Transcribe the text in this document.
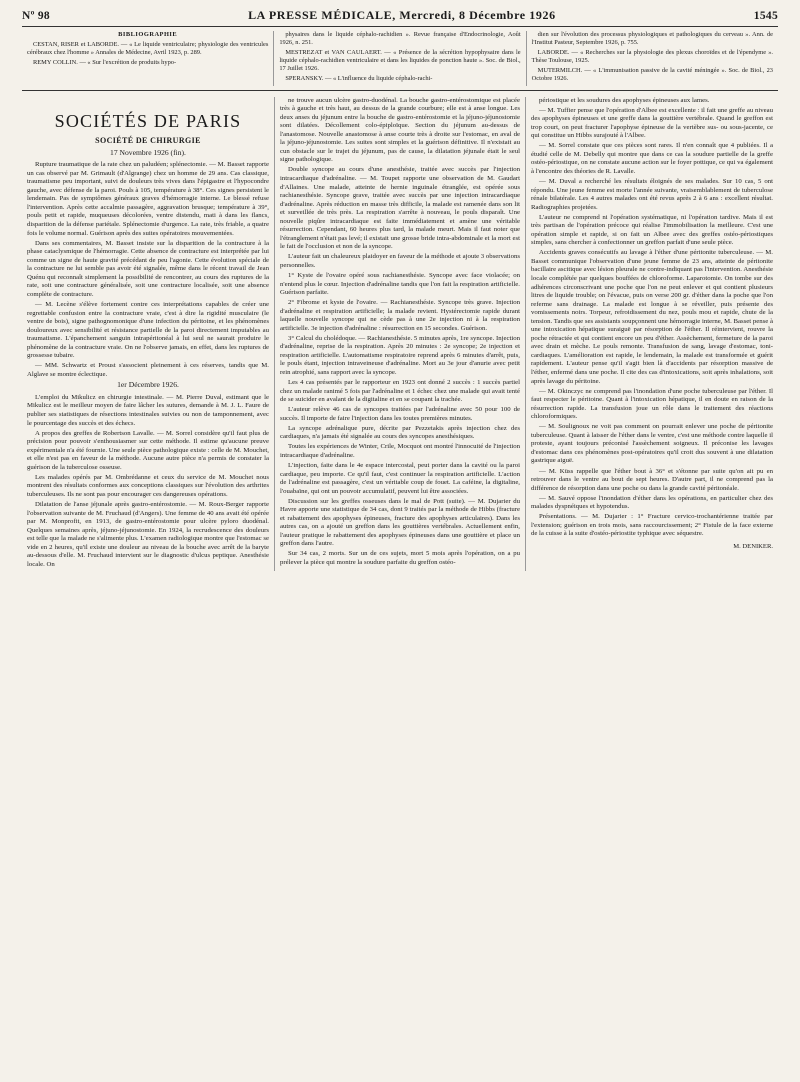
Nº 98	LA PRESSE MÉDICALE, Mercredi, 8 Décembre 1926	1545
BIBLIOGRAPHIE

CESTAN, RISER et LABORDE. — « Le liquide ventriculaire; physiologie des ventricules cérébraux chez l'homme » Annales de Médecine, Avril 1923, p. 289.

REMY COLLIN. — « Sur l'excrétion de produits hypo-

physaires dans le liquide céphalo-rachidien ». Revue française d'Endocrinologie, Août 1926, n. 251.

MESTREZAT et VAN CAULAERT. — « Présence de la sécrétion hypophysaire dans le liquide céphalo-rachidien ventriculaire et dans les liquides de ponction haute ». Soc. de Biol., 17 Juillet 1926.

SPERANSKY. — « L'influence du liquide céphalo-rachi-

dien sur l'évolution des processus physiologiques et pathologiques du cerveau ». Ann. de l'Institut Pasteur, Septembre 1926, p. 755.

LABORDE. — « Recherches sur la physiologie des plexus choroïdes et de l'épendyme ». Thèse Toulouse, 1925.

MUTERMILCH. — « L'immunisation passive de la cavité méningée ». Soc. de Biol., 23 Octobre 1926.

SOCIÉTÉS DE PARIS
SOCIÉTÉ DE CHIRURGIE
17 Novembre 1926 (fin).

Rupture traumatique de la rate chez un paludéen; splénectomie. — M. Basset rapporte un cas observé par M. Grimault (d'Algrange) chez un homme de 29 ans. Cas classique, traumatisme peu important, suivi de douleurs très vives dans l'épigastre et l'hypocondre gauche, avec défense de la paroi. Pouls à 105, température à 38°. Ces signes persistent le lendemain. Pas de symptômes généraux graves d'hémorragie interne. Le blessé refuse l'intervention. Après cette accalmie passagère, aggravation brusque; température à 39°, pouls petit et rapide, muqueuses décolorées, ventre distendu, mati à dans les flancs, disparition de la défense pariétale. Splénectomie d'urgence. La rate, très friable, a quatre fois le volume normal. Guérison après des suites opératoires mouvementées.

Dans ses commentaires, M. Basset insiste sur la disparition de la contracture à la phase cataclysmique de l'hémorragie. Cette absence de contracture est interprétée par lui comme un signe de haute gravité précédant de peu l'agonie. Cette évolution spéciale de la contracture ne lui semble pas avoir été signalée, même dans le récent travail de Jean Quénu qui reconnaît simplement la possibilité de rencontrer, au cours des ruptures de la rate, soit une contracture généralisée, soit une contracture localisée, soit une absence complète de contracture.

— M. Lecène s'élève fortement contre ces interprétations capables de créer une regrettable confusion entre la contracture vraie, c'est à dire la rigidité musculaire (le ventre de bois), signe pathognomonique d'une infection du péritoine, et les phénomènes douloureux avec sensibilité et résistance partielle de la paroi directement imputables au traumatisme. L'épanchement sanguin intrapéritonéal à lui seul ne saurait produire le phénomène de la contracture vraie. On ne l'observe jamais, en effet, dans les ruptures de grossesse tubaire.

— MM. Schwartz et Proust s'associent pleinement à ces réserves, tandis que M. Alglave se montre éclectique.

1er Décembre 1926.

L'emploi du Mikulicz en chirurgie intestinale. — M. Pierre Duval, estimant que le Mikulicz est le meilleur moyen de faire lâcher les sutures, demande à M. J. L. Faure de publier ses statistiques de résections intestinales suivies ou non de tamponnement, avec le pourcentage des succès et des échecs.

A propos des greffes de Robertson Lavalle. — M. Sorrel considère qu'il faut plus de précision pour pouvoir s'enthousiasmer sur cette méthode. Il estime qu'aucune preuve expérimentale n'a été fournie. Une seule pièce pathologique existe : celle de M. Mouchet, et elle n'est pas en faveur de la méthode. Aucune autre pièce n'a permis de constater la guérison de la tuberculose osseuse.

Les malades opérés par M. Ombrédanne et ceux du service de M. Mouchet nous montrent des résultats conformes aux conceptions classiques sur l'évolution des arthrites tuberculeuses. Ils ne sont pas pour encourager ces dangereuses opérations.

Dilatation de l'anse jéjunale après gastro-entérostomie. — M. Roux-Berger rapporte l'observation suivante de M. Fruchaud (d'Angers). Une femme de 40 ans avait été opérée par M. Monprofit, en 1913, de gastro-entérostomie pour ulcère pylorо duodénal. Quelques semaines après, jéjuno-jéjunostomie. En 1924, la recrudescence des douleurs est telle que la malade ne s'alimente plus. L'examen radiologique montre que l'estomac se vide en 2 heures, qu'il existe une douleur au niveau de la bouche avec arrêt de la baryte au-dessous d'elle. M. Fruchaud intervient sur le diagnostic d'ulcus peptique. Anesthésie locale. On

ne trouve aucun ulcère gastro-duodénal. La bouche gastro-entérostomique est placée très à gauche et très haut, au dessus de la grande courbure; elle est à anse longue. Les deux anses du jéjunum entre la bouche de gastro-entérostomie et la jéjuno-jéjunostomie sont dilatées. Décollement colo-épiploïque. Section du jéjunum au-dessus de l'anastomose. Nouvelle anastomose à anse courte très à droite sur l'estomac, en aval de la jéjuno-jéjunostomie. Les suites sont simples et la guérison définitive. Il n'existait au cun obstacle sur le trajet du jéjunum, pas de cause, la dilatation jéjunale était le seul signe pathologique.

Double syncope au cours d'une anesthésie, traitée avec succès par l'injection intracardiaque d'adrénaline. — M. Toupet rapporte une observation de M. Gaudart d'Allaines. Une malade, atteinte de hernie inguinale étranglée, est opérée sous rachianesthésie. Syncope grave, traitée avec succès par une injection intracardiaque d'adrénaline. Après réduction en masse très difficile, la malade est ramenée dans son lit et surveillée de très près. La respiration s'arrête à nouveau, le pouls disparaît. Une nouvelle piqûre intracardiaque est faite immédiatement et amène une véritable résurrection. Cependant, 60 heures plus tard, la malade meurt. Mais il faut noter que l'étranglement n'était pas levé; il existait une grosse bride intra-abdominale et la mort est le fait de l'occlusion et non de la syncope.

L'auteur fait un chaleureux plaidoyer en faveur de la méthode et ajoute 3 observations personnelles.

1° Kyste de l'ovaire opéré sous rachianesthésie. Syncope avec face violacée; on n'entend plus le cœur. Injection d'adrénaline tandis que l'on fait la respiration artificielle. Guérison parfaite.

2° Fibrome et kyste de l'ovaire. — Rachianesthésie. Syncope très grave. Injection d'adrénaline et respiration artificielle; la malade revient. Hystérectomie rapide durant laquelle nouvelle syncope qui ne cède pas à une 2e injection ni à la respiration artificielle. 3e injection d'adrénaline : résurrection en 15 secondes. Guérison.

3° Calcul du cholédoque. — Rachianesthésie. 5 minutes après, 1re syncope. Injection d'adrénaline, reprise de la respiration. Après 20 minutes : 2e syncope; 2e injection et respiration artificielle. L'automatisme respiratoire reprend après 6 minutes d'arrêt, puis, le pouls étant, injection intraveineuse d'adrénaline. Mort au 3e jour d'anurie avec petit rein atrophié, sans rapport avec la syncope.

Les 4 cas présentés par le rapporteur en 1923 ont donné 2 succès : 1 succès partiel chez un malade ranimé 5 fois par l'adrénaline et 1 échec chez une malade qui avait tenté de se suicider en avalant de la digitaline et en se coupant la trachée.

L'auteur relève 46 cas de syncopes traitées par l'adrénaline avec 50 pour 100 de succès. Il importe de faire l'injection dans les toutes premières minutes.

La syncope adrénalique pure, décrite par Pezzetakis après injection chez des cardiaques, n'a jamais été signalée au cours des syncopes anesthésiques.

Toutes les expériences de Winter, Crile, Mocquot ont montré l'innocuité de l'injection intracardiaque d'adrénaline.

L'injection, faite dans le 4e espace intercostal, peut porter dans la cavité ou la paroi cardiaque, peu importe. Ce qu'il faut, c'est continuer la respiration artificielle. L'action de l'adrénaline est passagère, c'est un véritable coup de fouet. La caféine, la digitaline, l'ouabaïne, qui ont un pouvoir accumulatif, peuvent lui être associées.

Discussion sur les greffes osseuses dans le mal de Pott (suite). — M. Dujarier du Havre apporte une statistique de 34 cas, dont 9 traités par la méthode de Hibbs (fracture et rabattement des apophyses épineuses, fracture des apophyses articulaires). Dans les autres cas, on a ajouté un greffon dans les gouttières vertébrales. Actuellement enfin, l'auteur pratique le rabattement des apophyses épineuses dans une gouttière et place un greffon dans l'autre.

Sur 34 cas, 2 morts. Sur un de ces sujets, mort 5 mois après l'opération, on a pu prélever la pièce qui montre la soudure parfaite du greffon ostéo-

périostique et les soudures des apophyses épineuses aux lames.

— M. Tuffier pense que l'opération d'Albee est excellente : il fait une greffe au niveau des apophyses épineuses et une greffe dans la gouttière vertébrale. Quand le greffon est trop court, on peut fracturer l'apophyse épineuse de la vertèbre sus- ou sous-jacente, ce qui constitue un Hibbs surajouté à l'Albee.

— M. Sorrel constate que ces pièces sont rares. Il n'en connaît que 4 publiées. Il a étudié celle de M. Debelly qui montre que dans ce cas la soudure partielle de la greffe ostéo-périostique, on ne constate aucune action sur le foyer pottique, ce qui va également à l'encontre des théories de R. Lavalle.

— M. Duval a recherché les résultats éloignés de ses malades. Sur 10 cas, 5 ont répondu. Une jeune femme est morte l'année suivante, vraisemblablement de tuberculose rénale bilatérale. Les 4 autres malades ont été revus après 2 à 6 ans : excellent résultat. Radiographies projetées.

L'auteur ne comprend ni l'opération systématique, ni l'opération tardive. Mais il est très partisan de l'opération précoce qui réalise l'immobilisation la meilleure. C'est une opération simple et rapide, si on fait un Albee avec des greffes ostéo-périostiques simples, sans chercher à confectionner un greffon parfait d'une seule pièce.

Accidents graves consécutifs au lavage à l'éther d'une péritonite tuberculeuse. — M. Basset communique l'observation d'une jeune femme de 23 ans, atteinte de péritonite bacillaire ascitique avec lésion pleurale ne contre-indiquant pas l'intervention. Anesthésie locale complétée par quelques bouffées de chloroforme. Laparotomie. On tombe sur des adhérences circonscrivant une poche que l'on ne peut enlever et qui contient plusieurs litres de liquide trouble; on l'évacue, puis on verse 200 gr. d'éther dans la poche que l'on referme sans drainage. La malade est longue à se réveiller, puis présente des vomissements noirs. Torpeur, refroidissement du nez, pouls mou et rapide, chute de la tension. Tandis que ses assistants soupçonnent une hémorragie interne, M. Basset pense à une intoxication hépatique suraiguë par résorption de l'éther. Il réintervient, rouvre la poche rétractée et qui contient encore un peu d'éther. Assèchement, fermeture de la paroi avec drain et mèche. Le pouls remonte. Transfusion de sang, lavage d'estomac, toni-cardiaques. L'amélioration est rapide, le lendemain, la malade est transformée et guérit rapidement. L'auteur pense qu'il s'agit bien là d'accidents par résorption massive de l'éther, enfermé dans une poche. Il cite des cas d'intoxications, soit après inhalations, soit après lavage du péritoine.

— M. Okinczyc ne comprend pas l'inondation d'une poche tuberculeuse par l'éther. Il faut respecter le péritoine. Quant à l'intoxication hépatique, il en doute en raison de la résurrection rapide. La transfusion joue un rôle dans le traitement des réactions chloroformiques.

— M. Soulignoux ne voit pas comment on pourrait enlever une poche de péritonite tuberculeuse. Quant à laisser de l'éther dans le ventre, c'est une méthode contre laquelle il proteste, ayant toujours préconisé l'assèchement soigneux. Il préconise les lavages d'estomac dans ces phénomènes post-opératoires qu'il croit dus souvent à une dilatation gastrique aiguë.

— M. Küss rappelle que l'éther bout à 36° et s'étonne par suite qu'on ait pu en retrouver dans le ventre au bout de sept heures. D'autre part, il ne comprend pas la différence de résorption dans une poche ou dans la grande cavité péritonéale.

— M. Sauvé oppose l'inondation d'éther dans les opérations, en particulier chez des malades dyspnéiques et hypotendus.

Présentations. — M. Dujarier : 1° Fracture cervico-trochantérienne traitée par l'extension; guérison en trois mois, sans raccourcissement; 2° Fistule de la face externe de la cuisse à la suite d'ostéo-périostite typhique avec séquestre.

M. DENIKER.
